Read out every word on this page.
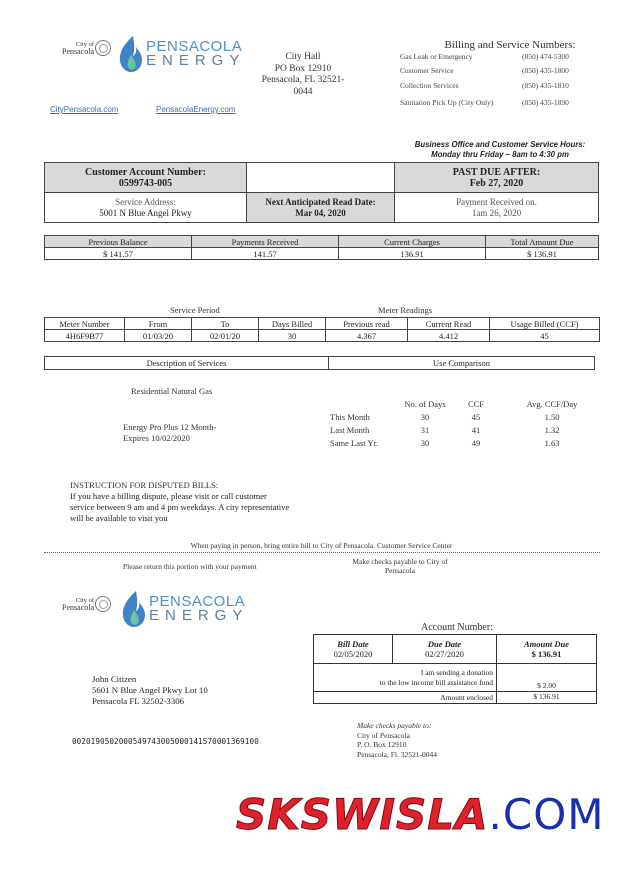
City of
Pensacola	PENSACOLA
ENERGY
CityPensacola.com	PensacolaEnergy.com
City Hall
PO Box 12910
Pensacola, FL 32521-
0044
Billing and Service Numbers:
Gas Leak or Emergency	(850) 474-5300
Customer Service	(850) 435-1800
Collection Services	(850) 435-1810
Sanitation Pick Up (City Only)	(850) 435-1890
Business Office and Customer Service Hours:
Monday thru Friday – 8am to 4:30 pm
Customer Account Number:
0599743-005

PAST DUE AFTER:
Feb 27, 2020

Service Address:
5001 N Blue Angel Pkwy

Next Anticipated Read Date:
Mar 04, 2020

Payment Received on.
1am 26, 2020
Previous Balance	Payments Received	Current Charges	Total Amount Due
$ 141.57	141.57	136.91	$ 136.91
Service Period	Meter Readings
Meter Number	From	To	Days Billed	Previous read	Current Read	Usage Billed (CCF)
4H6F9B77	01/03/20	02/01/20	30	4.367	4.412	45
Description of Services	Use Comparison
Residential Natural Gas
Energy Pro Plus 12 Month-
Expires 10/02/2020
	No. of Days	CCF	Avg. CCF/Day
This Month	30	45	1.50
Last Month	31	41	1.32
Same Last Yr.	30	49	1.63
INSTRUCTION FOR DISPUTED BILLS:
If you have a billing dispute, please visit or call customer
service between 9 am and 4 pm weekdays. A city representative
will be available to visit you
When paying in person, bring entire bill to City of Pensacola. Customer Service Center
Please return this portion with your payment
Make checks payable to City of
Pensacola
City of
Pensacola	PENSACOLA
ENERGY
Account Number:
Bill Date
02/05/2020

Due Date
02/27/2020

Amount Due
$ 136.91

I am sending a donation
to the low income bill assistance fund		$ 2.00
Amount enclosed		$ 136.91
John Citizen
5601 N Blue Angel Pkwy Lot 10
Pensacola FL 32502-3306
Make checks payable to:
City of Pensacola
P. O. Box 12910
Pensacola, Fl. 32521-0044
002019050200054974300500014157000136910​0
SKSWISLA.COM
